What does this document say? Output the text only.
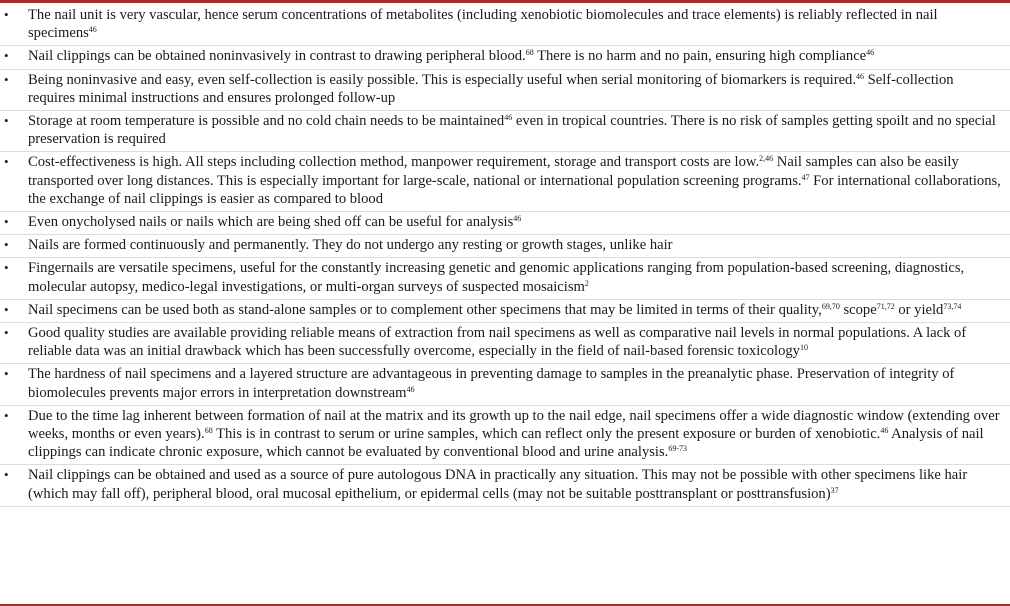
• The nail unit is very vascular, hence serum concentrations of metabolites (including xenobiotic biomolecules and trace elements) is reliably reflected in nail specimens$^{46}$
• Nail clippings can be obtained noninvasively in contrast to drawing peripheral blood.$^{68}$ There is no harm and no pain, ensuring high compliance$^{46}$
• Being noninvasive and easy, even self-collection is easily possible. This is especially useful when serial monitoring of biomarkers is required.$^{46}$ Self-collection requires minimal instructions and ensures prolonged follow-up
• Storage at room temperature is possible and no cold chain needs to be maintained$^{46}$ even in tropical countries. There is no risk of samples getting spoilt and no special preservation is required
• Cost-effectiveness is high. All steps including collection method, manpower requirement, storage and transport costs are low.$^{2,46}$ Nail samples can also be easily transported over long distances. This is especially important for large-scale, national or international population screening programs.$^{47}$ For international collaborations, the exchange of nail clippings is easier as compared to blood
• Even onycholysed nails or nails which are being shed off can be useful for analysis$^{46}$
• Nails are formed continuously and permanently. They do not undergo any resting or growth stages, unlike hair
• Fingernails are versatile specimens, useful for the constantly increasing genetic and genomic applications ranging from population-based screening, diagnostics, molecular autopsy, medico-legal investigations, or multi-organ surveys of suspected mosaicism$^2$
• Nail specimens can be used both as stand-alone samples or to complement other specimens that may be limited in terms of their quality,$^{69,70}$ scope$^{71,72}$ or yield$^{73,74}$
• Good quality studies are available providing reliable means of extraction from nail specimens as well as comparative nail levels in normal populations. A lack of reliable data was an initial drawback which has been successfully overcome, especially in the field of nail-based forensic toxicology$^{10}$
• The hardness of nail specimens and a layered structure are advantageous in preventing damage to samples in the preanalytic phase. Preservation of integrity of biomolecules prevents major errors in interpretation downstream$^{46}$
• Due to the time lag inherent between formation of nail at the matrix and its growth up to the nail edge, nail specimens offer a wide diagnostic window (extending over weeks, months or even years).$^{68}$ This is in contrast to serum or urine samples, which can reflect only the present exposure or burden of xenobiotic.$^{46}$ Analysis of nail clippings can indicate chronic exposure, which cannot be evaluated by conventional blood and urine analysis.$^{69-73}$
• Nail clippings can be obtained and used as a source of pure autologous DNA in practically any situation. This may not be possible with other specimens like hair (which may fall off), peripheral blood, oral mucosal epithelium, or epidermal cells (may not be suitable posttransplant or posttransfusion)$^{37}$
